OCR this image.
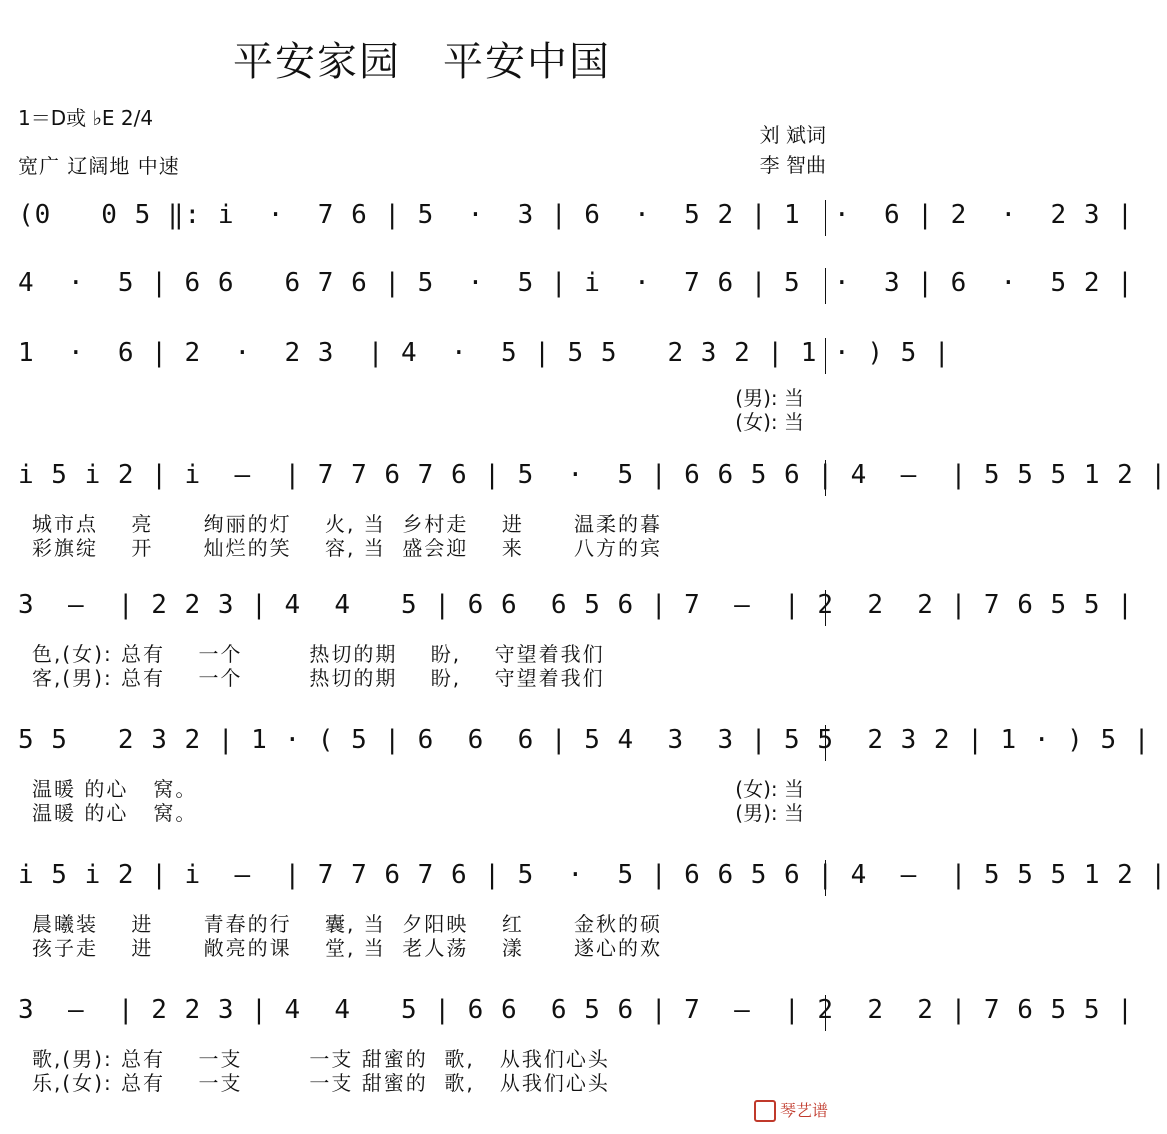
平安家园　平安中国
1＝D或 ♭E 2/4
宽广 辽阔地 中速
刘 斌词
李 智曲
(0   0 5 ‖: i  ·  7 6 | 5  ·  3 | 6  ·  5 2 | 1  ·  6 | 2  ·  2 3 |
4  ·  5 | 6 6   6 7 6 | 5  ·  5 | i  ·  7 6 | 5  ·  3 | 6  ·  5 2 |
1  ·  6 | 2  ·  2 3  | 4  ·  5 | 5 5   2 3 2 | 1 · ) 5 |
(男): 当
(女): 当
i 5 i 2 | i  —  | 7 7 6 7 6 | 5  ·  5 | 6 6 5 6 | 4  —  | 5 5 5 1 2 |
城市点    亮      绚丽的灯    火, 当  乡村走    进      温柔的暮
彩旗绽    开      灿烂的笑    容, 当  盛会迎    来      八方的宾
3  —  | 2 2 3 | 4  4   5 | 6 6  6 5 6 | 7  —  | 2  2  2 | 7 6 5 5 |
色,(女): 总有    一个        热切的期    盼,    守望着我们
客,(男): 总有    一个        热切的期    盼,    守望着我们
5 5   2 3 2 | 1 · ( 5 | 6  6  6 | 5 4  3  3 | 5 5  2 3 2 | 1 · ) 5 |
温暖 的心   窝。
温暖 的心   窝。
(女): 当
(男): 当
i 5 i 2 | i  —  | 7 7 6 7 6 | 5  ·  5 | 6 6 5 6 | 4  —  | 5 5 5 1 2 |
晨曦装    进      青春的行    囊, 当  夕阳映    红      金秋的硕
孩子走    进      敞亮的课    堂, 当  老人荡    漾      遂心的欢
3  —  | 2 2 3 | 4  4   5 | 6 6  6 5 6 | 7  —  | 2  2  2 | 7 6 5 5 |
歌,(男): 总有    一支        一支 甜蜜的  歌,   从我们心头
乐,(女): 总有    一支        一支 甜蜜的  歌,   从我们心头
琴艺谱
